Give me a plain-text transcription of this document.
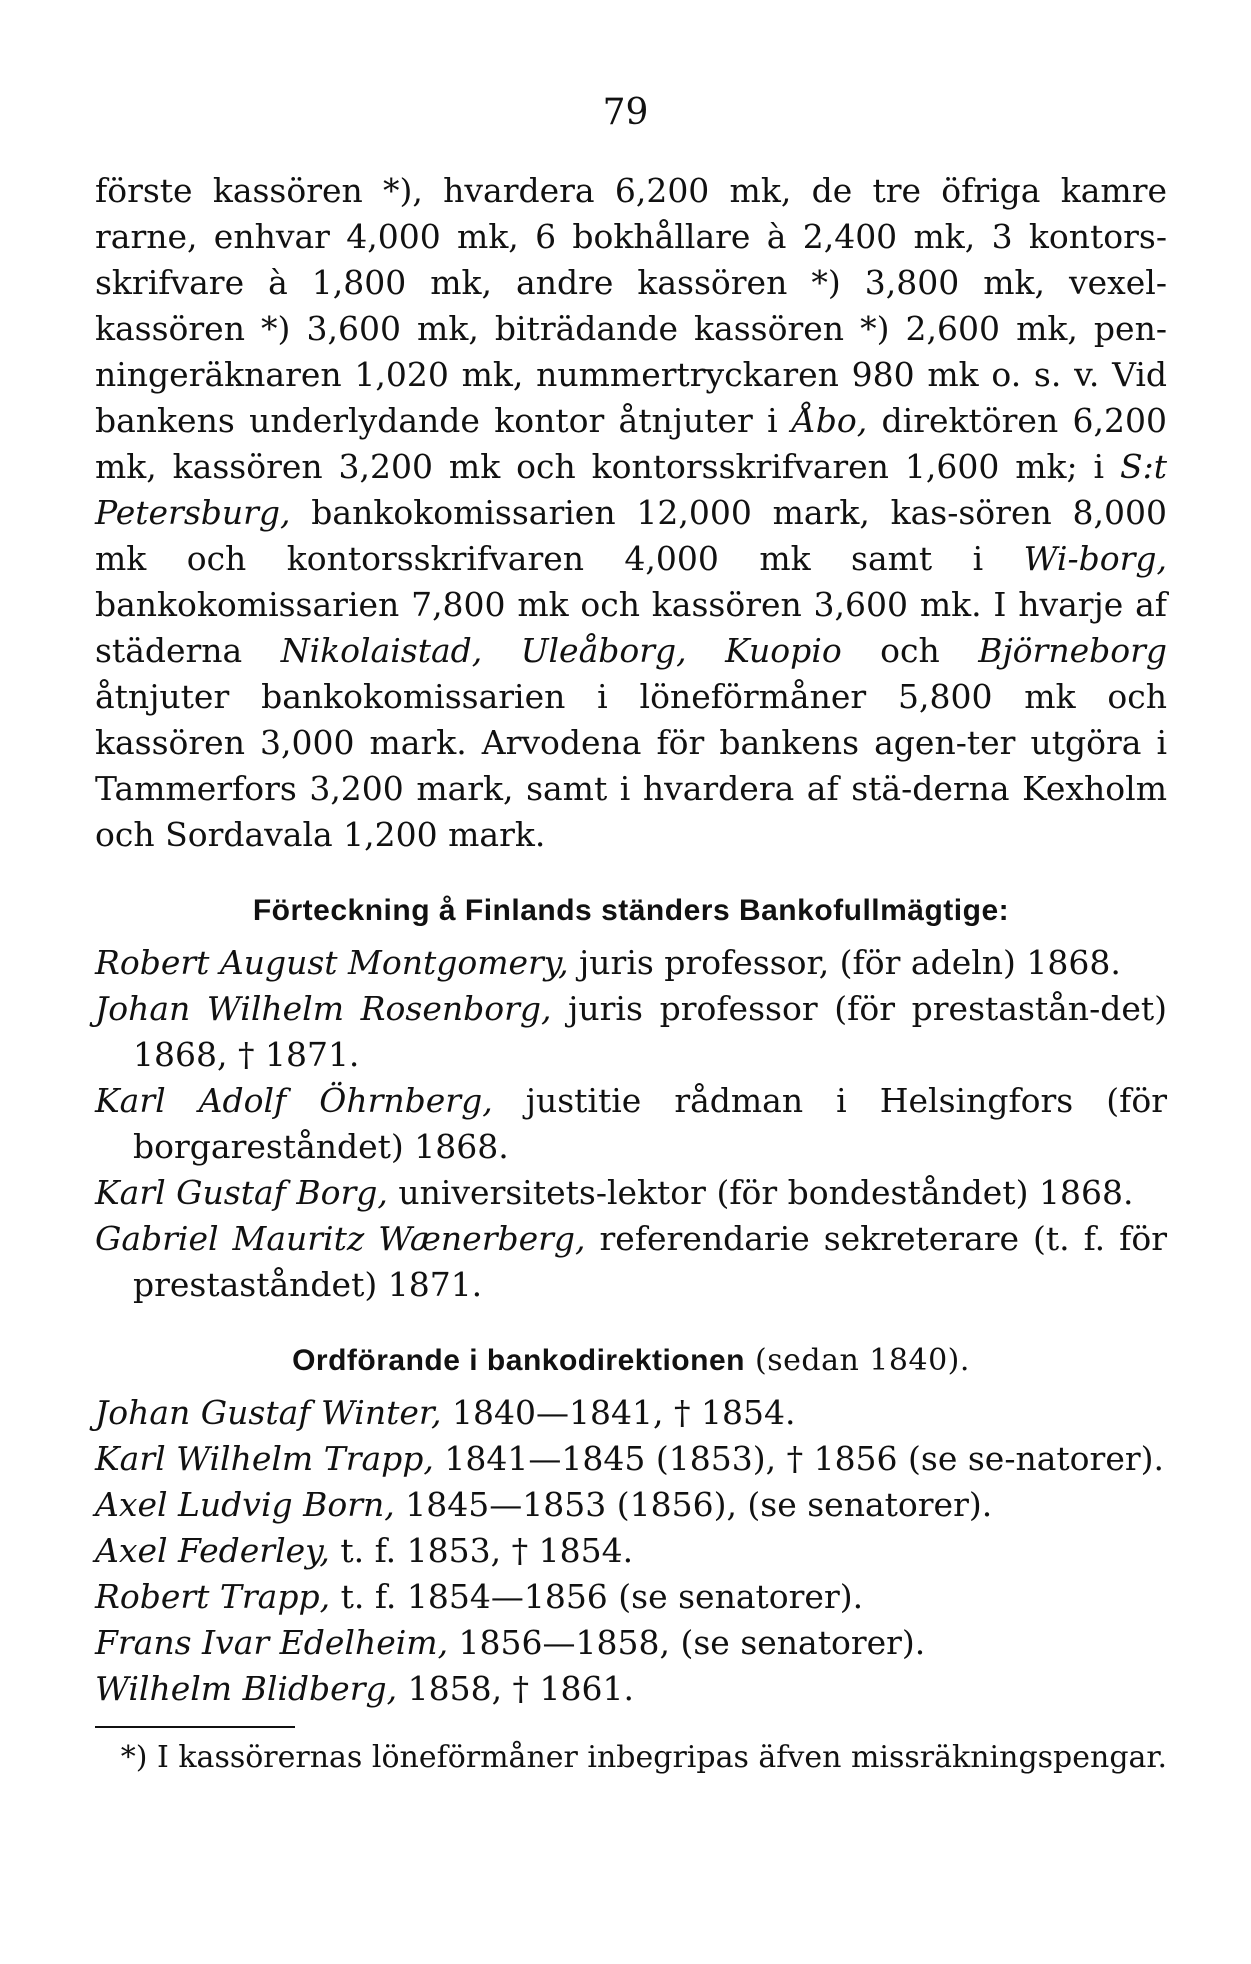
79

förste kassören *), hvardera 6,200 mk, de tre öfriga kamre rarne, enhvar 4,000 mk, 6 bokhållare à 2,400 mk, 3 kontors-skrifvare à 1,800 mk, andre kassören *) 3,800 mk, vexel-kassören *) 3,600 mk, biträdande kassören *) 2,600 mk, pen-ningeräknaren 1,020 mk, nummertryckaren 980 mk o. s. v. Vid bankens underlydande kontor åtnjuter i Åbo, direktören 6,200 mk, kassören 3,200 mk och kontorsskrifvaren 1,600 mk; i S:t Petersburg, bankokomissarien 12,000 mark, kas-sören 8,000 mk och kontorsskrifvaren 4,000 mk samt i Wi-borg, bankokomissarien 7,800 mk och kassören 3,600 mk. I hvarje af städerna Nikolaistad, Uleåborg, Kuopio och Björneborg åtnjuter bankokomissarien i löneförmåner 5,800 mk och kassören 3,000 mark. Arvodena för bankens agen-ter utgöra i Tammerfors 3,200 mark, samt i hvardera af stä-derna Kexholm och Sordavala 1,200 mark.

Förteckning å Finlands ständers Bankofullmägtige:

Robert August Montgomery, juris professor, (för adeln) 1868.

Johan Wilhelm Rosenborg, juris professor (för prestastån-det) 1868, † 1871.

Karl Adolf Öhrnberg, justitie rådman i Helsingfors (för borgareståndet) 1868.

Karl Gustaf Borg, universitets-lektor (för bondeståndet) 1868.

Gabriel Mauritz Wænerberg, referendarie sekreterare (t. f. för prestaståndet) 1871.

Ordförande i bankodirektionen (sedan 1840).

Johan Gustaf Winter, 1840—1841, † 1854.

Karl Wilhelm Trapp, 1841—1845 (1853), † 1856 (se se-natorer).

Axel Ludvig Born, 1845—1853 (1856), (se senatorer).

Axel Federley, t. f. 1853, † 1854.

Robert Trapp, t. f. 1854—1856 (se senatorer).

Frans Ivar Edelheim, 1856—1858, (se senatorer).

Wilhelm Blidberg, 1858, † 1861.

*) I kassörernas löneförmåner inbegripas äfven missräkningspengar.
